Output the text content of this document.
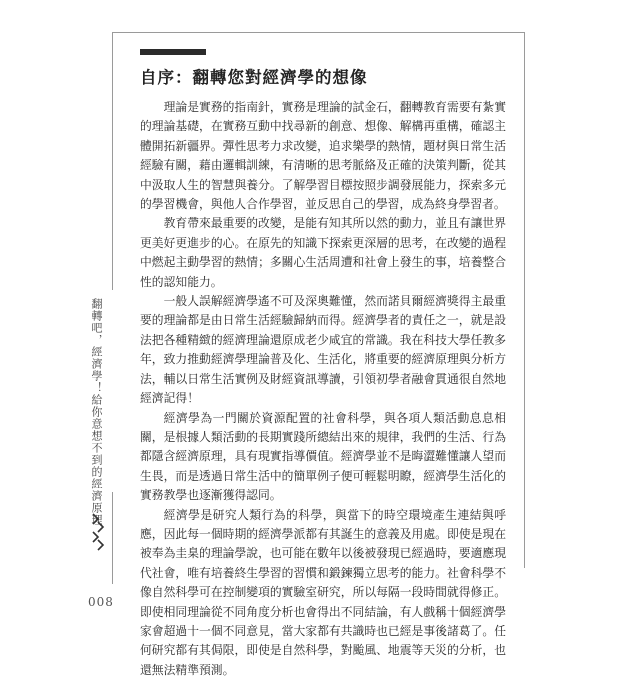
自序：翻轉您對經濟學的想像

理論是實務的指南針，實務是理論的試金石，翻轉教育需要有紮實的理論基礎，在實務互動中找尋新的創意、想像、解構再重構，確認主體開拓新疆界。彈性思考力求改變，追求樂學的熱情，題材與日常生活經驗有關，藉由邏輯訓練，有清晰的思考脈絡及正確的決策判斷，從其中汲取人生的智慧與養分。了解學習目標按照步調發展能力，探索多元的學習機會，與他人合作學習，並反思自己的學習，成為終身學習者。

教育帶來最重要的改變，是能有知其所以然的動力，並且有讓世界更美好更進步的心。在原先的知識下探索更深層的思考，在改變的過程中燃起主動學習的熱情；多關心生活周遭和社會上發生的事，培養整合性的認知能力。

一般人誤解經濟學遙不可及深奧難懂，然而諾貝爾經濟獎得主最重要的理論都是由日常生活經驗歸納而得。經濟學者的責任之一，就是設法把各種精緻的經濟理論還原成老少咸宜的常識。我在科技大學任教多年，致力推動經濟學理論普及化、生活化，將重要的經濟原理與分析方法，輔以日常生活實例及財經資訊導讀，引領初學者融會貫通很自然地經濟記得！

經濟學為一門關於資源配置的社會科學，與各項人類活動息息相關，是根據人類活動的長期實踐所總結出來的規律，我們的生活、行為都隱含經濟原理，具有現實指導價值。經濟學並不是晦澀難懂讓人望而生畏，而是透過日常生活中的簡單例子便可輕鬆明瞭，經濟學生活化的實務教學也逐漸獲得認同。

經濟學是研究人類行為的科學，與當下的時空環境產生連結與呼應，因此每一個時期的經濟學派都有其誕生的意義及用處。即使是現在被奉為圭臬的理論學說，也可能在數年以後被發現已經過時，要適應現代社會，唯有培養終生學習的習慣和鍛鍊獨立思考的能力。社會科學不像自然科學可在控制變項的實驗室研究，所以每隔一段時間就得修正。即使相同理論從不同角度分析也會得出不同結論，有人戲稱十個經濟學家會超過十一個不同意見，當大家都有共識時也已經是事後諸葛了。任何研究都有其侷限，即使是自然科學，對颱風、地震等天災的分析，也還無法精準預測。

翻轉吧，經濟學！給你意想不到的經濟原理
008
